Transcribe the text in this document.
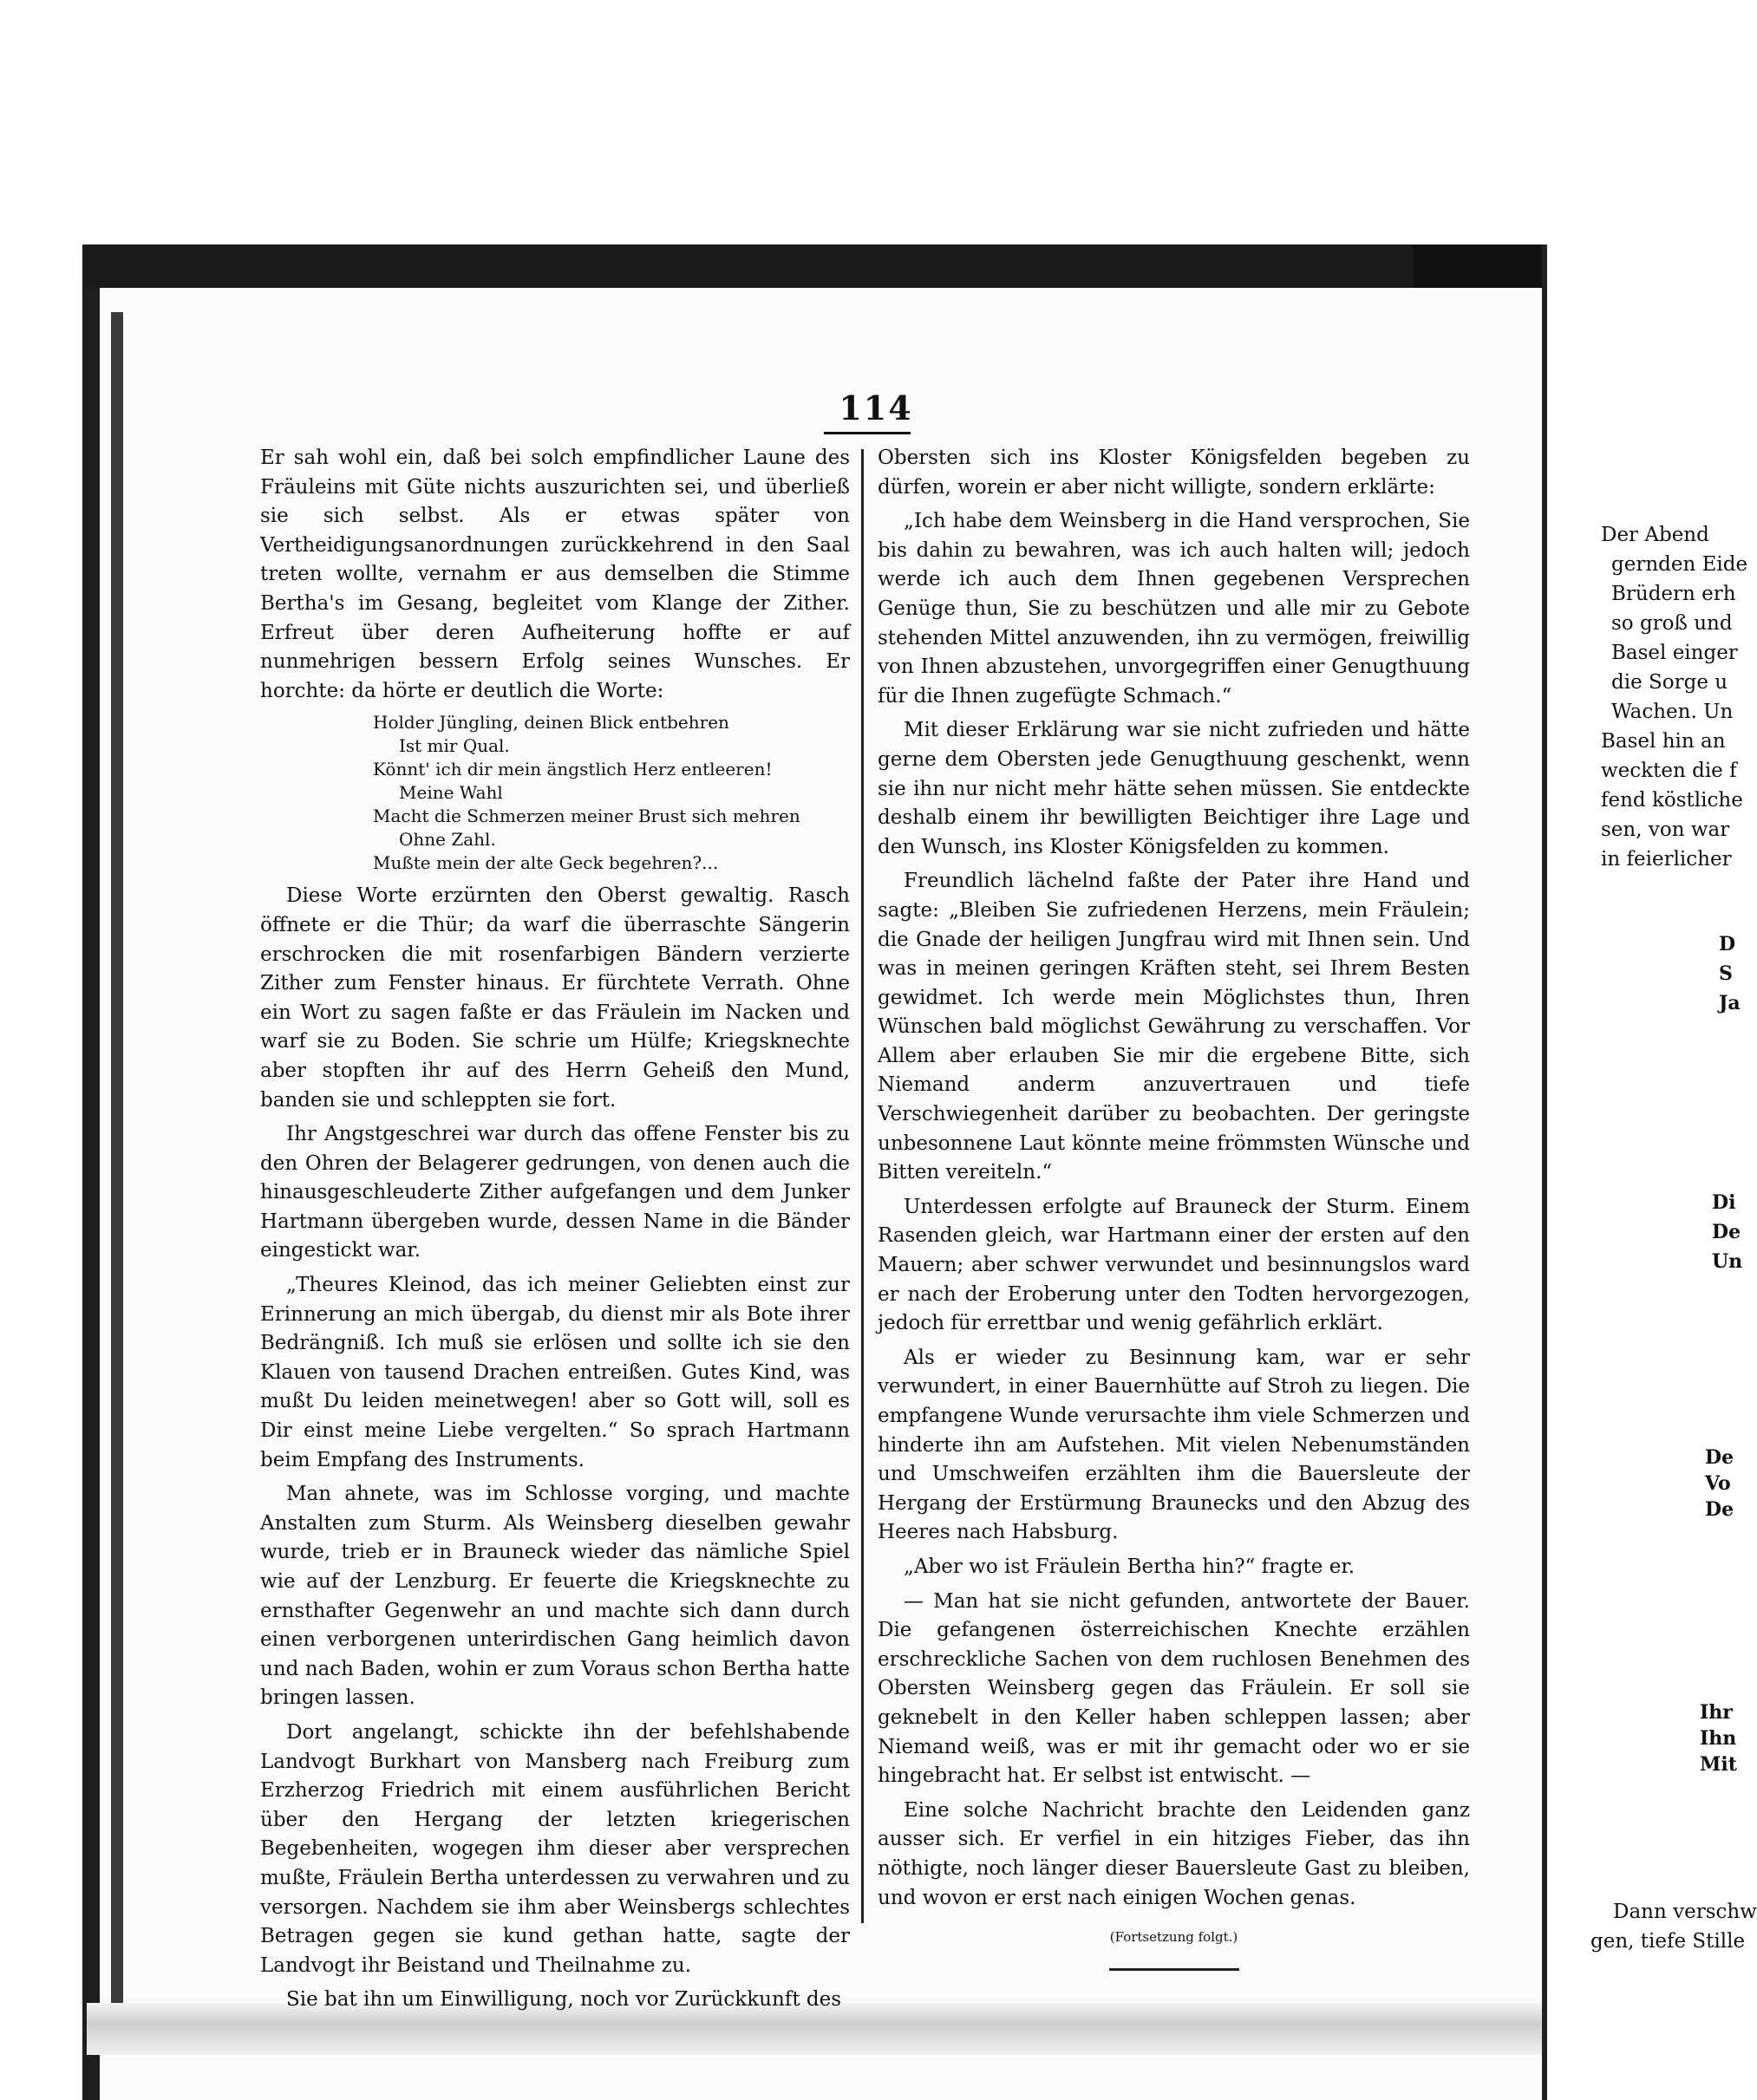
114

Er sah wohl ein, daß bei solch empfindlicher Laune des Fräuleins mit Güte nichts auszurichten sei, und überließ sie sich selbst. Als er etwas später von Vertheidigungsanordnungen zurückkehrend in den Saal treten wollte, vernahm er aus demselben die Stimme Bertha's im Gesang, begleitet vom Klange der Zither. Erfreut über deren Aufheiterung hoffte er auf nunmehrigen bessern Erfolg seines Wunsches. Er horchte: da hörte er deutlich die Worte:

Holder Jüngling, deinen Blick entbehren
Ist mir Qual.
Könnt' ich dir mein ängstlich Herz entleeren!
Meine Wahl
Macht die Schmerzen meiner Brust sich mehren
Ohne Zahl.
Mußte mein der alte Geck begehren?...

Diese Worte erzürnten den Oberst gewaltig. Rasch öffnete er die Thür; da warf die überraschte Sängerin erschrocken die mit rosenfarbigen Bändern verzierte Zither zum Fenster hinaus. Er fürchtete Verrath. Ohne ein Wort zu sagen faßte er das Fräulein im Nacken und warf sie zu Boden. Sie schrie um Hülfe; Kriegsknechte aber stopften ihr auf des Herrn Geheiß den Mund, banden sie und schleppten sie fort.

Ihr Angstgeschrei war durch das offene Fenster bis zu den Ohren der Belagerer gedrungen, von denen auch die hinausgeschleuderte Zither aufgefangen und dem Junker Hartmann übergeben wurde, dessen Name in die Bänder eingestickt war.

„Theures Kleinod, das ich meiner Geliebten einst zur Erinnerung an mich übergab, du dienst mir als Bote ihrer Bedrängniß. Ich muß sie erlösen und sollte ich sie den Klauen von tausend Drachen entreißen. Gutes Kind, was mußt Du leiden meinetwegen! aber so Gott will, soll es Dir einst meine Liebe vergelten.“ So sprach Hartmann beim Empfang des Instruments.

Man ahnete, was im Schlosse vorging, und machte Anstalten zum Sturm. Als Weinsberg dieselben gewahr wurde, trieb er in Brauneck wieder das nämliche Spiel wie auf der Lenzburg. Er feuerte die Kriegsknechte zu ernsthafter Gegenwehr an und machte sich dann durch einen verborgenen unterirdischen Gang heimlich davon und nach Baden, wohin er zum Voraus schon Bertha hatte bringen lassen.

Dort angelangt, schickte ihn der befehlshabende Landvogt Burkhart von Mansberg nach Freiburg zum Erzherzog Friedrich mit einem ausführlichen Bericht über den Hergang der letzten kriegerischen Begebenheiten, wogegen ihm dieser aber versprechen mußte, Fräulein Bertha unterdessen zu verwahren und zu versorgen. Nachdem sie ihm aber Weinsbergs schlechtes Betragen gegen sie kund gethan hatte, sagte der Landvogt ihr Beistand und Theilnahme zu.

Sie bat ihn um Einwilligung, noch vor Zurückkunft des

Obersten sich ins Kloster Königsfelden begeben zu dürfen, worein er aber nicht willigte, sondern erklärte:

„Ich habe dem Weinsberg in die Hand versprochen, Sie bis dahin zu bewahren, was ich auch halten will; jedoch werde ich auch dem Ihnen gegebenen Versprechen Genüge thun, Sie zu beschützen und alle mir zu Gebote stehenden Mittel anzuwenden, ihn zu vermögen, freiwillig von Ihnen abzustehen, unvorgegriffen einer Genugthuung für die Ihnen zugefügte Schmach.“

Mit dieser Erklärung war sie nicht zufrieden und hätte gerne dem Obersten jede Genugthuung geschenkt, wenn sie ihn nur nicht mehr hätte sehen müssen. Sie entdeckte deshalb einem ihr bewilligten Beichtiger ihre Lage und den Wunsch, ins Kloster Königsfelden zu kommen.

Freundlich lächelnd faßte der Pater ihre Hand und sagte: „Bleiben Sie zufriedenen Herzens, mein Fräulein; die Gnade der heiligen Jungfrau wird mit Ihnen sein. Und was in meinen geringen Kräften steht, sei Ihrem Besten gewidmet. Ich werde mein Möglichstes thun, Ihren Wünschen bald möglichst Gewährung zu verschaffen. Vor Allem aber erlauben Sie mir die ergebene Bitte, sich Niemand anderm anzuvertrauen und tiefe Verschwiegenheit darüber zu beobachten. Der geringste unbesonnene Laut könnte meine frömmsten Wünsche und Bitten vereiteln.“

Unterdessen erfolgte auf Brauneck der Sturm. Einem Rasenden gleich, war Hartmann einer der ersten auf den Mauern; aber schwer verwundet und besinnungslos ward er nach der Eroberung unter den Todten hervorgezogen, jedoch für errettbar und wenig gefährlich erklärt.

Als er wieder zu Besinnung kam, war er sehr verwundert, in einer Bauernhütte auf Stroh zu liegen. Die empfangene Wunde verursachte ihm viele Schmerzen und hinderte ihn am Aufstehen. Mit vielen Nebenumständen und Umschweifen erzählten ihm die Bauersleute der Hergang der Erstürmung Braunecks und den Abzug des Heeres nach Habsburg.

„Aber wo ist Fräulein Bertha hin?“ fragte er.

— Man hat sie nicht gefunden, antwortete der Bauer. Die gefangenen österreichischen Knechte erzählen erschreckliche Sachen von dem ruchlosen Benehmen des Obersten Weinsberg gegen das Fräulein. Er soll sie geknebelt in den Keller haben schleppen lassen; aber Niemand weiß, was er mit ihr gemacht oder wo er sie hingebracht hat. Er selbst ist entwischt. —

Eine solche Nachricht brachte den Leidenden ganz ausser sich. Er verfiel in ein hitziges Fieber, das ihn nöthigte, noch länger dieser Bauersleute Gast zu bleiben, und wovon er erst nach einigen Wochen genas.

(Fortsetzung folgt.)
Der Abend
gernden Eide
Brüdern erh
so groß und
Basel einger
die Sorge u
Wachen. Un
Basel hin an
weckten die f
fend köstliche
sen, von war
in feierlicher
D
S
Ja
Di
De
Un
De
Vo
De
Ihr
Ihn
Mit
Dann verschw
gen, tiefe Stille
